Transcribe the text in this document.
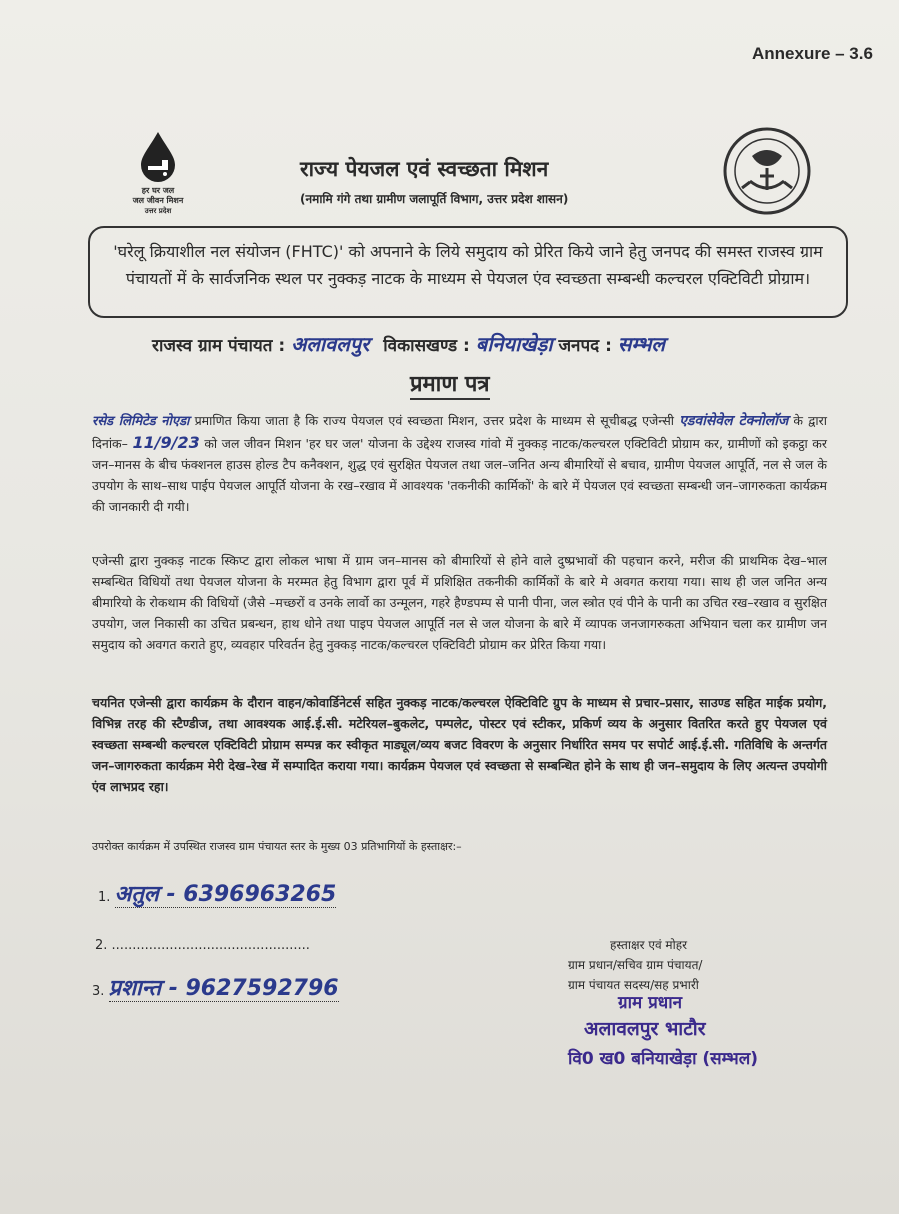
Annexure – 3.6
हर घर जल
जल जीवन मिशन
उत्तर प्रदेश
राज्य पेयजल एवं स्वच्छता मिशन
(नमामि गंगे तथा ग्रामीण जलापूर्ति विभाग, उत्तर प्रदेश शासन)
'घरेलू क्रियाशील नल संयोजन (FHTC)' को अपनाने के लिये समुदाय को प्रेरित किये जाने हेतु जनपद की समस्त राजस्व ग्राम पंचायतों में के सार्वजनिक स्थल पर नुक्कड़ नाटक के माध्यम से पेयजल एंव स्वच्छता सम्बन्धी कल्चरल एक्टिविटी प्रोग्राम।
राजस्व ग्राम पंचायत : अलावलपुर विकासखण्ड : बनियाखेड़ा जनपद : सम्भल
प्रमाण पत्र
रसेड लिमिटेड नोएडा प्रमाणित किया जाता है कि राज्य पेयजल एवं स्वच्छता मिशन, उत्तर प्रदेश के माध्यम से सूचीबद्ध एजेन्सी एडवांसेवेल टेक्नोलॉज के द्वारा दिनांक– 11/9/23 को जल जीवन मिशन 'हर घर जल' योजना के उद्देश्य राजस्व गांवो में नुक्कड़ नाटक/कल्चरल एक्टिविटी प्रोग्राम कर, ग्रामीणों को इकट्ठा कर जन–मानस के बीच फंक्शनल हाउस होल्ड टैप कनैक्शन, शुद्ध एवं सुरक्षित पेयजल तथा जल–जनित अन्य बीमारियों से बचाव, ग्रामीण पेयजल आपूर्ति, नल से जल के उपयोग के साथ–साथ पाईप पेयजल आपूर्ति योजना के रख–रखाव में आवश्यक 'तकनीकी कार्मिकों' के बारे में पेयजल एवं स्वच्छता सम्बन्धी जन–जागरुकता कार्यक्रम की जानकारी दी गयी।
एजेन्सी द्वारा नुक्कड़ नाटक स्किप्ट द्वारा लोकल भाषा में ग्राम जन–मानस को बीमारियों से होने वाले दुष्प्रभावों की पहचान करने, मरीज की प्राथमिक देख–भाल सम्बन्धित विधियों तथा पेयजल योजना के मरम्मत हेतु विभाग द्वारा पूर्व में प्रशिक्षित तकनीकी कार्मिकों के बारे मे अवगत कराया गया। साथ ही जल जनित अन्य बीमारियो के रोकथाम की विधियों (जैसे –मच्छरों व उनके लार्वो का उन्मूलन, गहरे हैण्डपम्प से पानी पीना, जल स्त्रोत एवं पीने के पानी का उचित रख–रखाव व सुरक्षित उपयोग, जल निकासी का उचित प्रबन्धन, हाथ धोने तथा पाइप पेयजल आपूर्ति नल से जल योजना के बारे में व्यापक जनजागरुकता अभियान चला कर ग्रामीण जन समुदाय को अवगत कराते हुए, व्यवहार परिवर्तन हेतु नुक्कड़ नाटक/कल्चरल एक्टिविटी प्रोग्राम कर प्रेरित किया गया।
चयनित एजेन्सी द्वारा कार्यक्रम के दौरान वाहन/कोवार्डिनेटर्स सहित नुक्कड़ नाटक/कल्चरल ऐक्टिविटि ग्रुप के माध्यम से प्रचार–प्रसार, साउण्ड सहित माईक प्रयोग, विभिन्न तरह की स्टैण्डीज, तथा आवश्यक आई.ई.सी. मटेरियल–बुकलेट, पम्पलेट, पोस्टर एवं स्टीकर, प्रकिर्ण व्यय के अनुसार वितरित करते हुए पेयजल एवं स्वच्छता सम्बन्धी कल्चरल एक्टिविटी प्रोग्राम सम्पन्न कर स्वीकृत माड्यूल/व्यय बजट विवरण के अनुसार निर्धारित समय पर सपोर्ट आई.ई.सी. गतिविधि के अन्तर्गत जन–जागरुकता कार्यक्रम मेरी देख–रेख में सम्पादित कराया गया। कार्यक्रम पेयजल एवं स्वच्छता से सम्बन्धित होने के साथ ही जन–समुदाय के लिए अत्यन्त उपयोगी एंव लाभप्रद रहा।
उपरोक्त कार्यक्रम में उपस्थित राजस्व ग्राम पंचायत स्तर के मुख्य 03 प्रतिभागियों के हस्ताक्षर:–
1. अतुल - 6396963265
2. ................................................
3. प्रशान्त - 9627592796
हस्ताक्षर एवं मोहर
ग्राम प्रधान/सचिव ग्राम पंचायत/
ग्राम पंचायत सदस्य/सह प्रभारी
ग्राम प्रधान
अलावलपुर भाटौर
वि0 ख0 बनियाखेड़ा (सम्भल)
